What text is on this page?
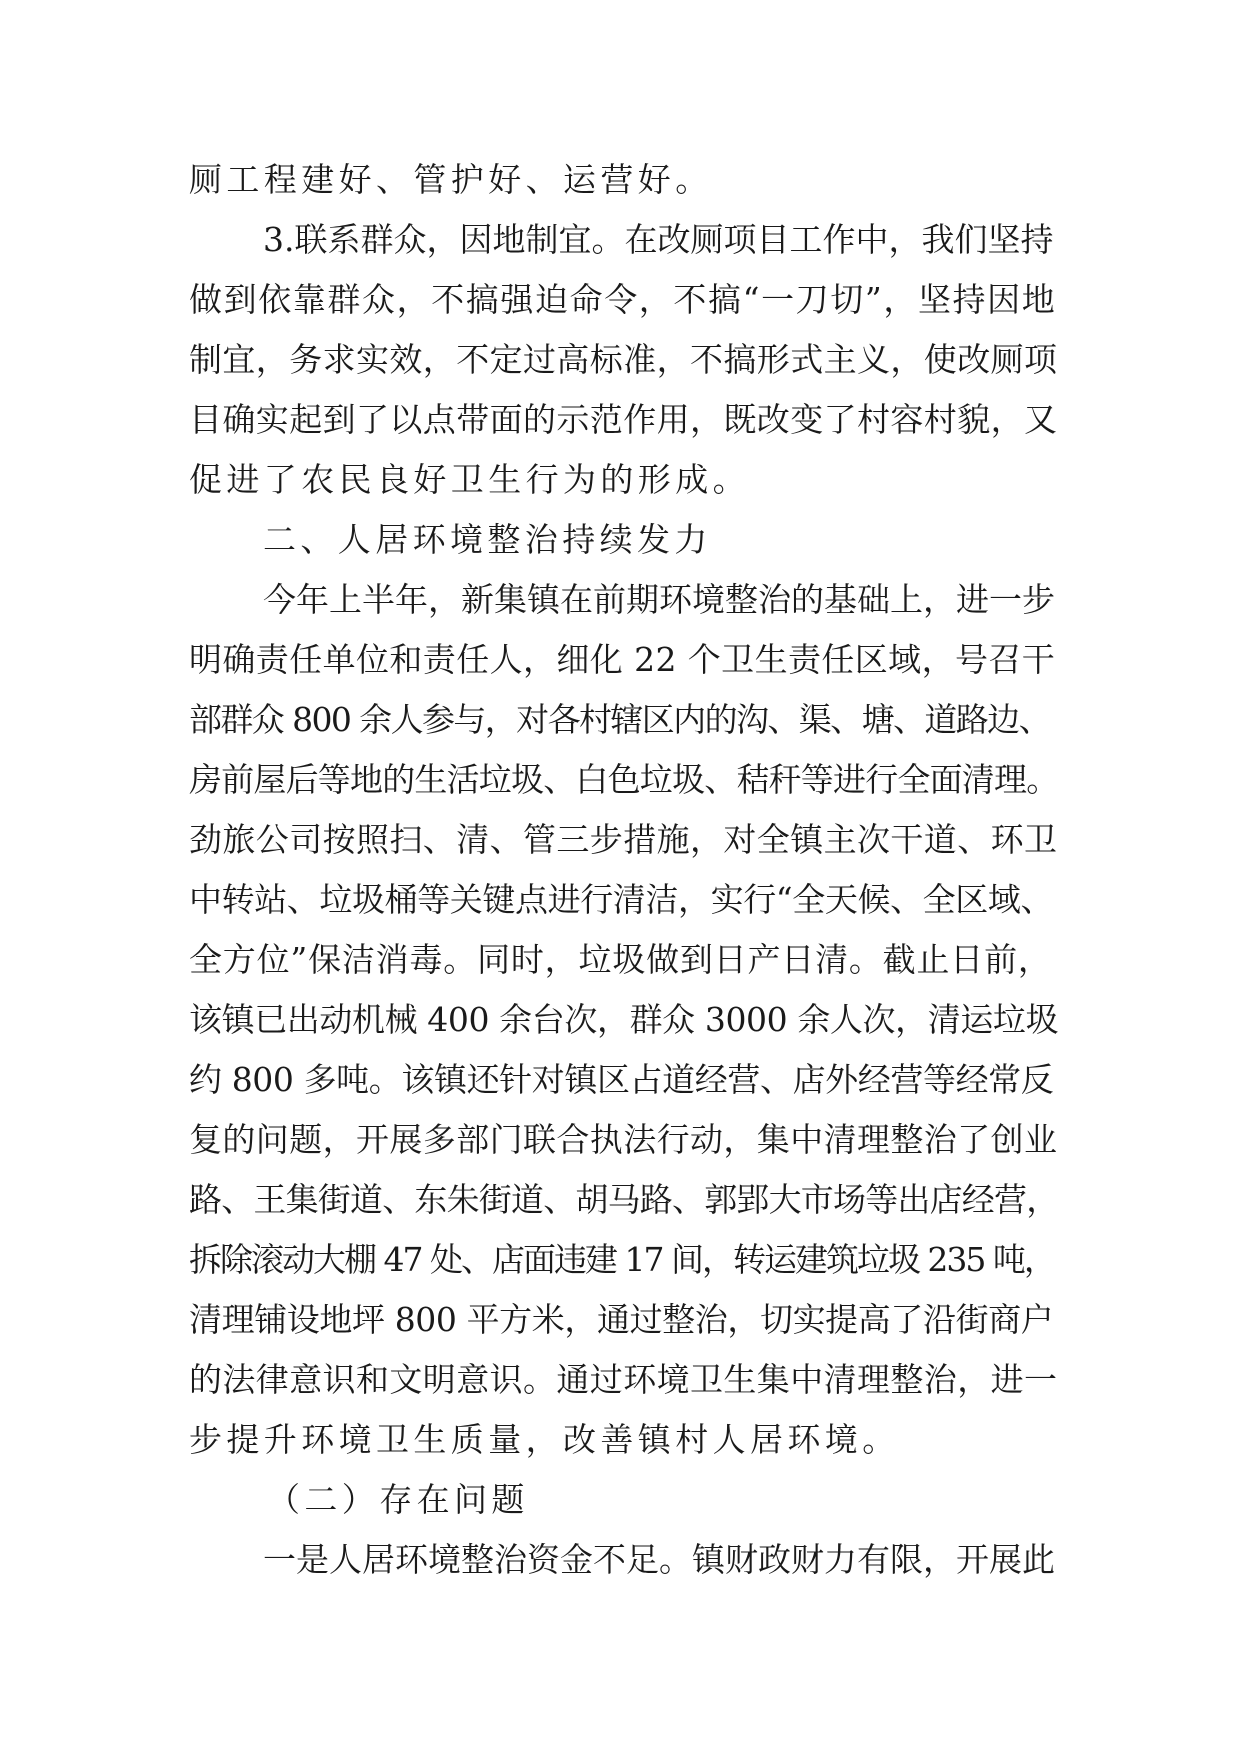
厕工程建好、管护好、运营好。
3.联系群众，因地制宜。在改厕项目工作中，我们坚持
做到依靠群众，不搞强迫命令，不搞“一刀切”，坚持因地
制宜，务求实效，不定过高标准，不搞形式主义，使改厕项
目确实起到了以点带面的示范作用，既改变了村容村貌，又
促进了农民良好卫生行为的形成。
二、人居环境整治持续发力
今年上半年，新集镇在前期环境整治的基础上，进一步
明确责任单位和责任人，细化 22 个卫生责任区域，号召干
部群众 800 余人参与，对各村辖区内的沟、渠、塘、道路边、
房前屋后等地的生活垃圾、白色垃圾、秸秆等进行全面清理。
劲旅公司按照扫、清、管三步措施，对全镇主次干道、环卫
中转站、垃圾桶等关键点进行清洁，实行“全天候、全区域、
全方位”保洁消毒。同时，垃圾做到日产日清。截止日前，
该镇已出动机械 400 余台次，群众 3000 余人次，清运垃圾
约 800 多吨。该镇还针对镇区占道经营、店外经营等经常反
复的问题，开展多部门联合执法行动，集中清理整治了创业
路、王集街道、东朱街道、胡马路、郭郢大市场等出店经营，
拆除滚动大棚 47 处、店面违建 17 间，转运建筑垃圾 235 吨，
清理铺设地坪 800 平方米，通过整治，切实提高了沿街商户
的法律意识和文明意识。通过环境卫生集中清理整治，进一
步提升环境卫生质量，改善镇村人居环境。
（二）存在问题
一是人居环境整治资金不足。镇财政财力有限，开展此
